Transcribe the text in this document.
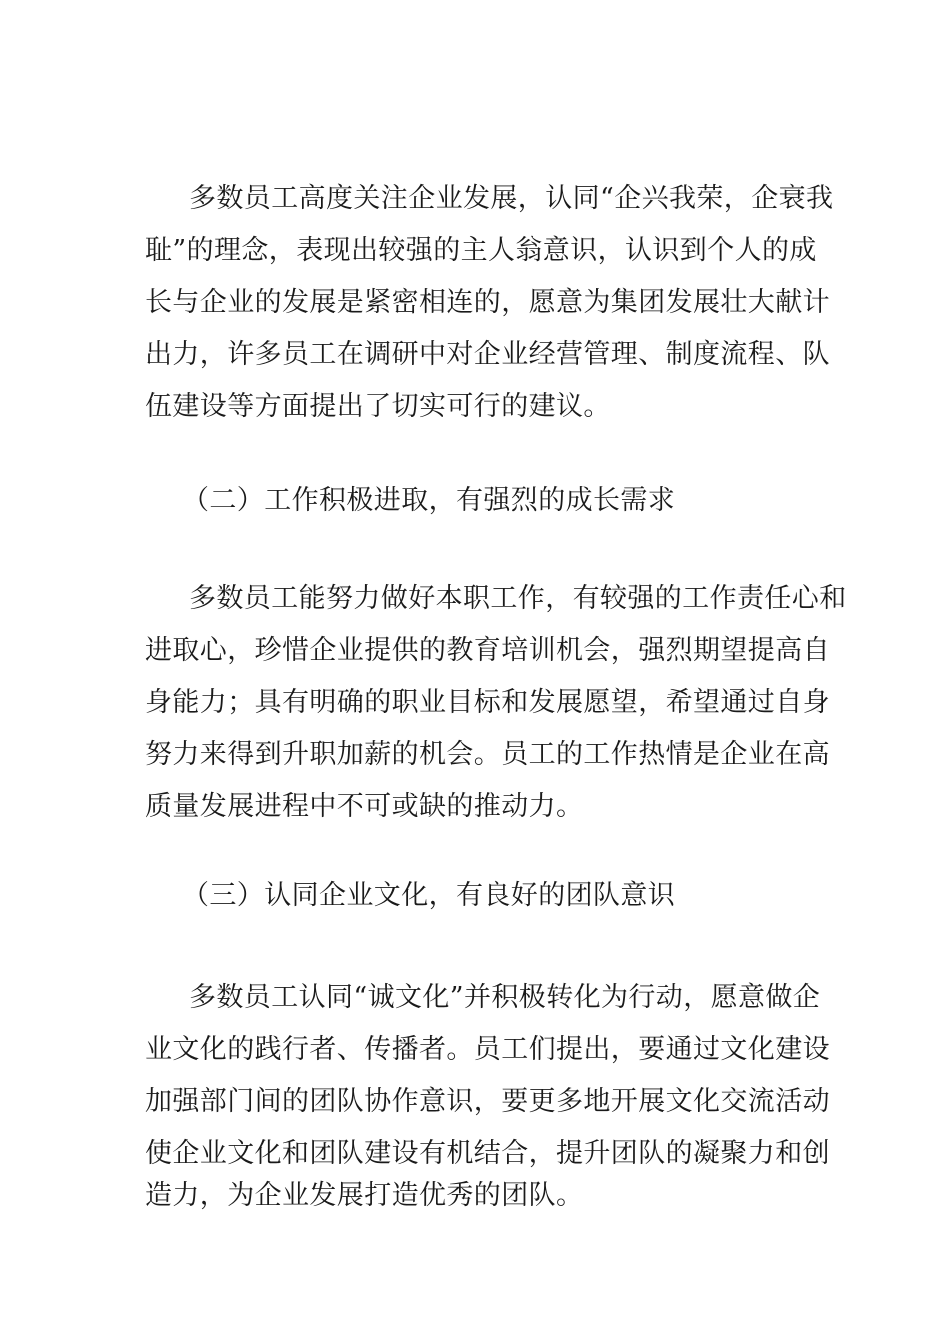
多数员工高度关注企业发展，认同“企兴我荣，企衰我
耻”的理念，表现出较强的主人翁意识，认识到个人的成
长与企业的发展是紧密相连的，愿意为集团发展壮大献计
出力，许多员工在调研中对企业经营管理、制度流程、队
伍建设等方面提出了切实可行的建议。
（二）工作积极进取，有强烈的成长需求
多数员工能努力做好本职工作，有较强的工作责任心和
进取心，珍惜企业提供的教育培训机会，强烈期望提高自
身能力；具有明确的职业目标和发展愿望，希望通过自身
努力来得到升职加薪的机会。员工的工作热情是企业在高
质量发展进程中不可或缺的推动力。
（三）认同企业文化，有良好的团队意识
多数员工认同“诚文化”并积极转化为行动，愿意做企
业文化的践行者、传播者。员工们提出，要通过文化建设
加强部门间的团队协作意识，要更多地开展文化交流活动
使企业文化和团队建设有机结合，提升团队的凝聚力和创
造力，为企业发展打造优秀的团队。
